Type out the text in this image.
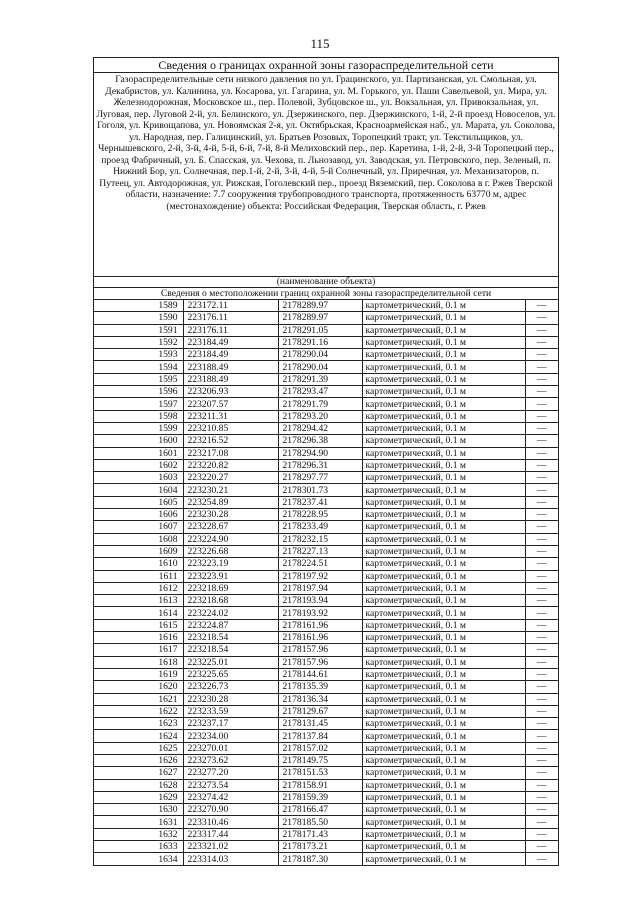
115
Сведения о границах охранной зоны газораспределительной сети
Газораспределительные сети низкого давления по ул. Грацинского, ул. Партизанская, ул. Смольная, ул. Декабристов, ул. Калинина, ул. Косарова, ул. Гагарина, ул. М. Горького, ул. Паши Савельевой, ул. Мира, ул. Железнодорожная, Московское ш., пер. Полевой, Зубцовское ш., ул. Вокзальная, ул. Привокзальная, ул. Луговая, пер. Луговой 2-й, ул. Белинского, ул. Дзержинского, пер. Дзержинского, 1-й, 2-й проезд Новоселов, ул. Гоголя, ул. Кривощапова, ул. Новоямская 2-я, ул. Октябрьская, Красноармейская наб., ул. Марата, ул. Соколова, ул. Народная, пер. Галицинский, ул. Братьев Розовых, Торопецкий тракт, ул. Текстильщиков, ул. Чернышевского, 2-й, 3-й, 4-й, 5-й, 6-й, 7-й, 8-й Мелиховский пер., пер. Каретина, 1-й, 2-й, 3-й Торопецкий пер., проезд Фабричный, ул. Б. Спасская, ул. Чехова, п. Льнозавод, ул. Заводская, ул. Петровского, пер. Зеленый, п. Нижний Бор, ул. Солнечная, пер.1-й, 2-й, 3-й, 4-й, 5-й Солнечный, ул. Приречная, ул. Механизаторов, п. Путеец, ул. Автодорожная, ул. Рижская, Гоголевский пер., проезд Вяземский, пер. Соколова в г. Ржев Тверской области, назначение: 7.7 сооружения трубопроводного транспорта, протяженность 63770 м, адрес (местонахождение) объекта: Российская Федерация, Тверская область, г. Ржев
(наименование объекта)
Сведения о местоположении границ охранной зоны газораспределительной сети
1589	223172.11	2178289.97	картометрический, 0.1 м	—
1590	223176.11	2178289.97	картометрический, 0.1 м	—
1591	223176.11	2178291.05	картометрический, 0.1 м	—
1592	223184.49	2178291.16	картометрический, 0.1 м	—
1593	223184.49	2178290.04	картометрический, 0.1 м	—
1594	223188.49	2178290.04	картометрический, 0.1 м	—
1595	223188.49	2178291.39	картометрический, 0.1 м	—
1596	223206.93	2178293.47	картометрический, 0.1 м	—
1597	223207.57	2178291.79	картометрический, 0.1 м	—
1598	223211.31	2178293.20	картометрический, 0.1 м	—
1599	223210.85	2178294.42	картометрический, 0.1 м	—
1600	223216.52	2178296.38	картометрический, 0.1 м	—
1601	223217.08	2178294.90	картометрический, 0.1 м	—
1602	223220.82	2178296.31	картометрический, 0.1 м	—
1603	223220.27	2178297.77	картометрический, 0.1 м	—
1604	223230.21	2178301.73	картометрический, 0.1 м	—
1605	223254.89	2178237.41	картометрический, 0.1 м	—
1606	223230.28	2178228.95	картометрический, 0.1 м	—
1607	223228.67	2178233.49	картометрический, 0.1 м	—
1608	223224.90	2178232.15	картометрический, 0.1 м	—
1609	223226.68	2178227.13	картометрический, 0.1 м	—
1610	223223.19	2178224.51	картометрический, 0.1 м	—
1611	223223.91	2178197.92	картометрический, 0.1 м	—
1612	223218.69	2178197.94	картометрический, 0.1 м	—
1613	223218.68	2178193.94	картометрический, 0.1 м	—
1614	223224.02	2178193.92	картометрический, 0.1 м	—
1615	223224.87	2178161.96	картометрический, 0.1 м	—
1616	223218.54	2178161.96	картометрический, 0.1 м	—
1617	223218.54	2178157.96	картометрический, 0.1 м	—
1618	223225.01	2178157.96	картометрический, 0.1 м	—
1619	223225.65	2178144.61	картометрический, 0.1 м	—
1620	223226.73	2178135.39	картометрический, 0.1 м	—
1621	223230.28	2178136.34	картометрический, 0.1 м	—
1622	223233.59	2178129.67	картометрический, 0.1 м	—
1623	223237.17	2178131.45	картометрический, 0.1 м	—
1624	223234.00	2178137.84	картометрический, 0.1 м	—
1625	223270.01	2178157.02	картометрический, 0.1 м	—
1626	223273.62	2178149.75	картометрический, 0.1 м	—
1627	223277.20	2178151.53	картометрический, 0.1 м	—
1628	223273.54	2178158.91	картометрический, 0.1 м	—
1629	223274.42	2178159.39	картометрический, 0.1 м	—
1630	223270.90	2178166.47	картометрический, 0.1 м	—
1631	223310.46	2178185.50	картометрический, 0.1 м	—
1632	223317.44	2178171.43	картометрический, 0.1 м	—
1633	223321.02	2178173.21	картометрический, 0.1 м	—
1634	223314.03	2178187.30	картометрический, 0.1 м	—
